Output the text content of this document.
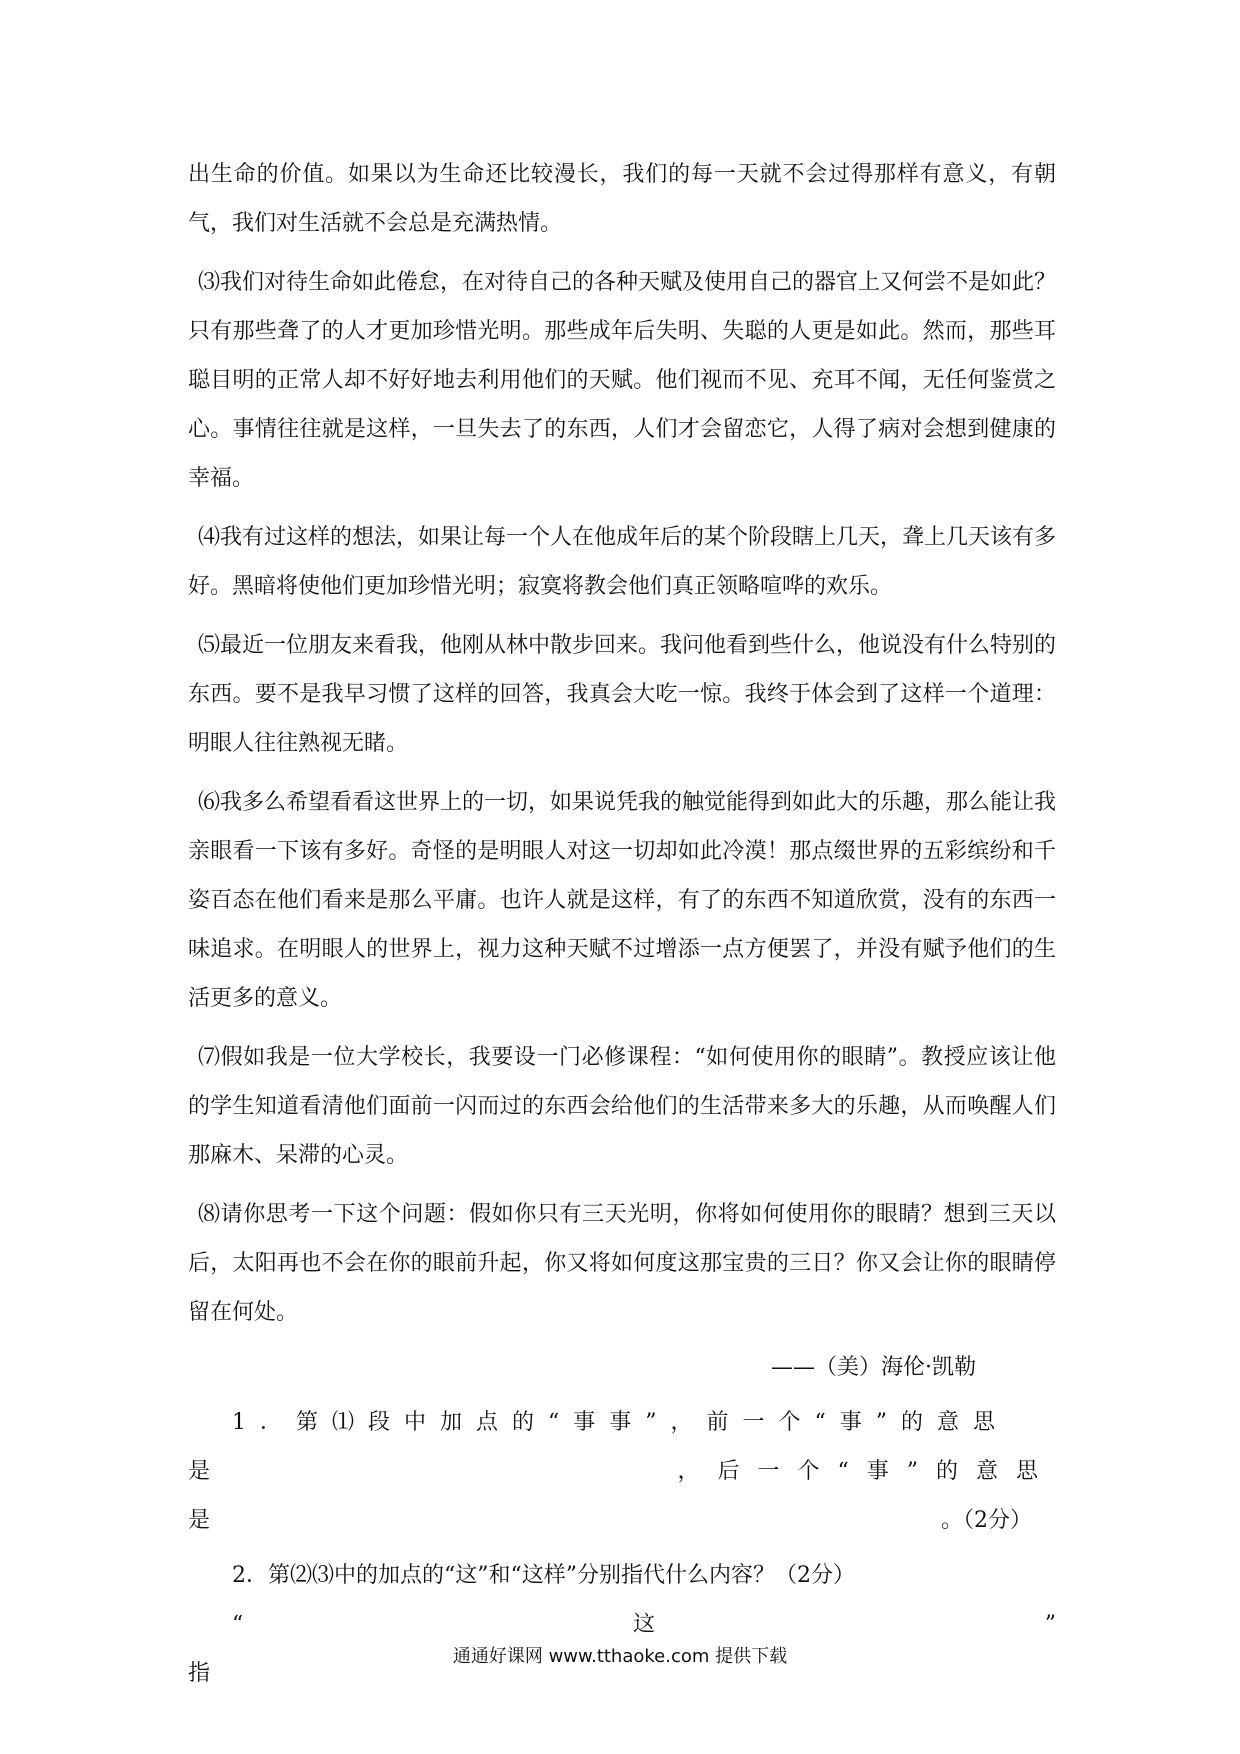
出生命的价值。如果以为生命还比较漫长，我们的每一天就不会过得那样有意义，有朝气，我们对生活就不会总是充满热情。

⑶我们对待生命如此倦怠，在对待自己的各种天赋及使用自己的器官上又何尝不是如此？只有那些聋了的人才更加珍惜光明。那些成年后失明、失聪的人更是如此。然而，那些耳聪目明的正常人却不好好地去利用他们的天赋。他们视而不见、充耳不闻，无任何鉴赏之心。事情往往就是这样，一旦失去了的东西，人们才会留恋它，人得了病对会想到健康的幸福。

⑷我有过这样的想法，如果让每一个人在他成年后的某个阶段瞎上几天，聋上几天该有多好。黑暗将使他们更加珍惜光明；寂寞将教会他们真正领略喧哗的欢乐。

⑸最近一位朋友来看我，他刚从林中散步回来。我问他看到些什么，他说没有什么特别的东西。要不是我早习惯了这样的回答，我真会大吃一惊。我终于体会到了这样一个道理：明眼人往往熟视无睹。

⑹我多么希望看看这世界上的一切，如果说凭我的触觉能得到如此大的乐趣，那么能让我亲眼看一下该有多好。奇怪的是明眼人对这一切却如此冷漠！那点缀世界的五彩缤纷和千姿百态在他们看来是那么平庸。也许人就是这样，有了的东西不知道欣赏，没有的东西一味追求。在明眼人的世界上，视力这种天赋不过增添一点方便罢了，并没有赋予他们的生活更多的意义。

⑺假如我是一位大学校长，我要设一门必修课程：“如何使用你的眼睛”。教授应该让他的学生知道看清他们面前一闪而过的东西会给他们的生活带来多大的乐趣，从而唤醒人们那麻木、呆滞的心灵。

⑻请你思考一下这个问题：假如你只有三天光明，你将如何使用你的眼睛？想到三天以后，太阳再也不会在你的眼前升起，你又将如何度这那宝贵的三日？你又会让你的眼睛停留在何处。

——（美）海伦·凯勒
1．第⑴段中加点的“事事”，前一个“事”的意思
是	，后一个“事”的意思
是	。（2分）
2．第⑵⑶中的加点的“这”和“这样”分别指代什么内容？（2分）
“	这	”
指
通通好课网 www.tthaoke.com 提供下载
